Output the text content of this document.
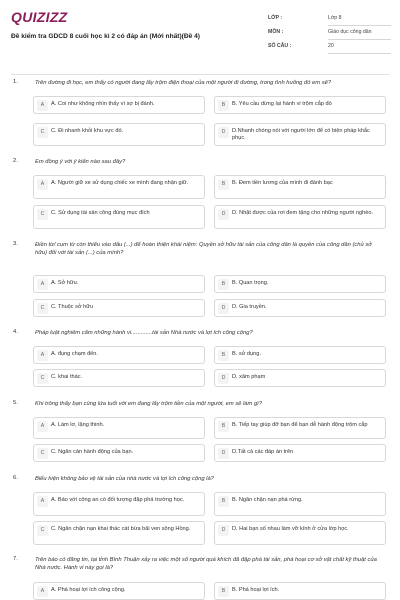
QUIZIZZ
Đề kiểm tra GDCD 8 cuối học kì 2 có đáp án (Mới nhất)(Đề 4)
LỚP :	Lớp 8
MÔN :	Giáo dục công dân
SỐ CÂU :	20
1.	Trên đường đi học, em thấy có người đang lấy trộm điện thoại của một người đi đường, trong tình huống đó em sẽ?
A	A. Coi như không nhìn thấy vì sợ bị đánh.	B	B. Yêu cầu dừng lại hành vi trộm cắp đó
C	C. Đi nhanh khỏi khu vực đó.	D	D.Nhanh chóng nói với người lớn để có biện pháp khắc phục.
2.	Em đồng ý với ý kiến nào sau đây?
A	A. Người giữ xe sử dụng chiếc xe mình đang nhận giữ.	B	B. Đem tiền lương của mình đi đánh bạc
C	C. Sử dụng tài sản công đúng mục đích	D	D. Nhặt được của rơi đem tặng cho những người nghèo.
3.	Điền từ/ cụm từ còn thiếu vào dấu (...) để hoàn thiện khái niệm: Quyền sở hữu tài sản của công dân là quyền của công dân (chủ sở hữu) đối với tài sản (...) của mình?
A	A. Sở hữu.	B	B. Quan trọng.
C	C. Thuộc sở hữu	D	D. Gia truyền.
4.	Pháp luật nghiêm cấm những hành vi.............tài sản Nhà nước và lợi ích công cộng?
A	A. đụng chạm đến.	B	B. sử dụng.
C	C. khai thác.	D	D. xâm phạm
5.	Khi trông thấy bạn cùng lứa tuổi với em đang lấy trộm tiền của một người, em sẽ làm gì?
A	A. Làm lơ, lặng thinh.	B	B. Tiếp tay giúp đỡ bạn để bạn dễ hành động trộm cắp
C	C. Ngăn cản hành động của bạn.	D	D.Tất cả các đáp án trên
6.	Biểu hiện không bảo vệ tài sản của nhà nước và lợi ích công cộng là?
A	A. Báo với công an có đối tượng đập phá trường học.	B	B. Ngăn chặn nạn phá rừng.
C	C. Ngăn chặn nạn khai thác cát bừa bãi ven sông Hồng.	D	D. Hai bạn số nhau làm vỡ kính ở cửa lớp học.
7.	Trên báo có đăng tin, tại tỉnh Bình Thuận xảy ra việc một số người quá khích đã đập phá tài sản, phá hoại cơ sở vật chất kỹ thuật của Nhà nước. Hành vi này gọi là?
A	A. Phá hoại lợi ích công cộng.	B	B. Phá hoại lợi ích.
